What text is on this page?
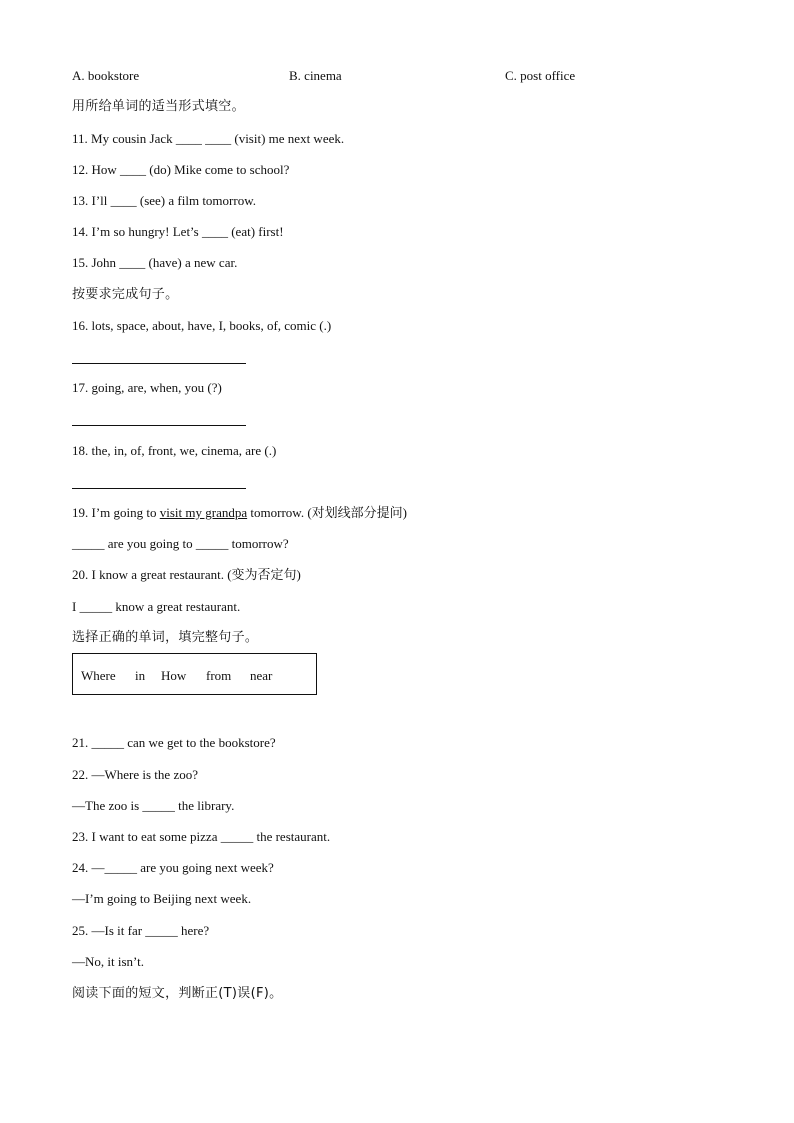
A. bookstore	B. cinema	C. post office
用所给单词的适当形式填空。
11. My cousin Jack ____ ____ (visit) me next week.
12. How ____ (do) Mike come to school?
13. I’ll ____ (see) a film tomorrow.
14. I’m so hungry! Let’s ____ (eat) first!
15. John ____ (have) a new car.
按要求完成句子。
16. lots, space, about, have, I, books, of, comic (.)
17. going, are, when, you (?)
18. the, in, of, front, we, cinema, are (.)
19. I’m going to visit my grandpa tomorrow. (对划线部分提问)
_____ are you going to _____ tomorrow?
20. I know a great restaurant. (变为否定句)
I _____ know a great restaurant.
选择正确的单词，填完整句子。
Where in How from near
21. _____ can we get to the bookstore?
22. —Where is the zoo?
—The zoo is _____ the library.
23. I want to eat some pizza _____ the restaurant.
24. —_____ are you going next week?
—I’m going to Beijing next week.
25. —Is it far _____ here?
—No, it isn’t.
阅读下面的短文，判断正(T)误(F)。
